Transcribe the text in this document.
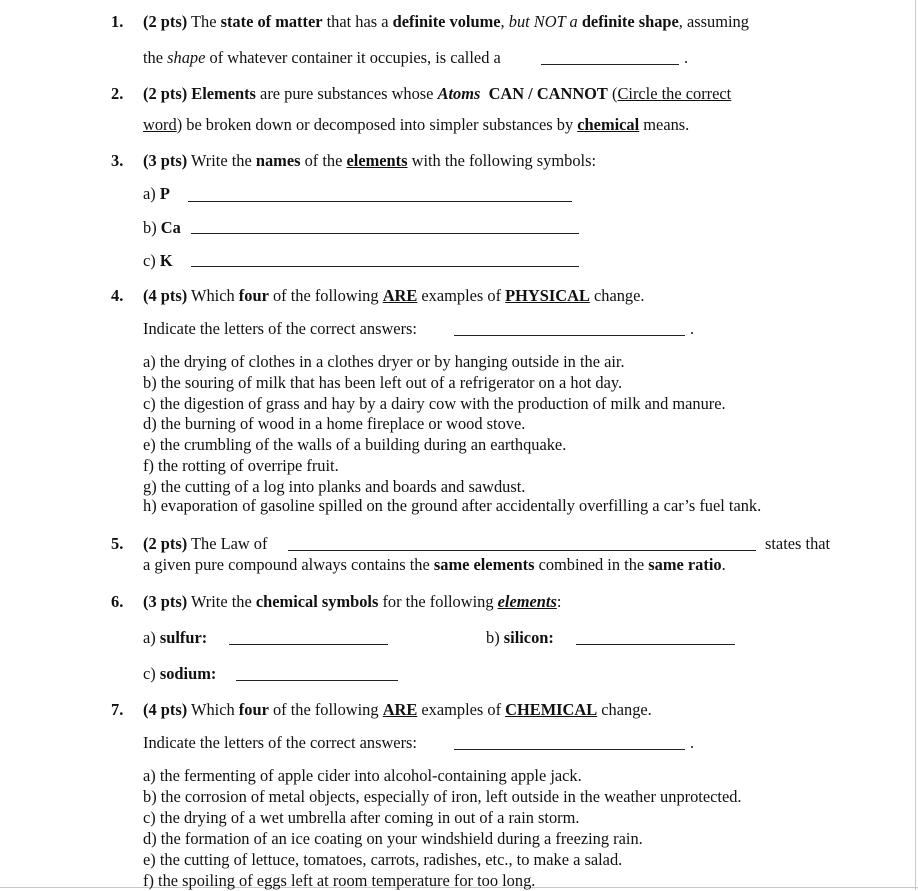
1. (2 pts) The state of matter that has a definite volume, but NOT a definite shape, assuming
the shape of whatever container it occupies, is called a	.
2. (2 pts) Elements are pure substances whose Atoms CAN / CANNOT (Circle the correct
word) be broken down or decomposed into simpler substances by chemical means.
3. (3 pts) Write the names of the elements with the following symbols:
a) P
b) Ca
c) K
4. (4 pts) Which four of the following ARE examples of PHYSICAL change.
Indicate the letters of the correct answers:	.
a) the drying of clothes in a clothes dryer or by hanging outside in the air.
b) the souring of milk that has been left out of a refrigerator on a hot day.
c) the digestion of grass and hay by a dairy cow with the production of milk and manure.
d) the burning of wood in a home fireplace or wood stove.
e) the crumbling of the walls of a building during an earthquake.
f) the rotting of overripe fruit.
g) the cutting of a log into planks and boards and sawdust.
h) evaporation of gasoline spilled on the ground after accidentally overfilling a car’s fuel tank.
5. (2 pts) The Law of	states that
a given pure compound always contains the same elements combined in the same ratio.
6. (3 pts) Write the chemical symbols for the following elements:
a) sulfur:	b) silicon:
c) sodium:
7. (4 pts) Which four of the following ARE examples of CHEMICAL change.
Indicate the letters of the correct answers:	.
a) the fermenting of apple cider into alcohol-containing apple jack.
b) the corrosion of metal objects, especially of iron, left outside in the weather unprotected.
c) the drying of a wet umbrella after coming in out of a rain storm.
d) the formation of an ice coating on your windshield during a freezing rain.
e) the cutting of lettuce, tomatoes, carrots, radishes, etc., to make a salad.
f) the spoiling of eggs left at room temperature for too long.
